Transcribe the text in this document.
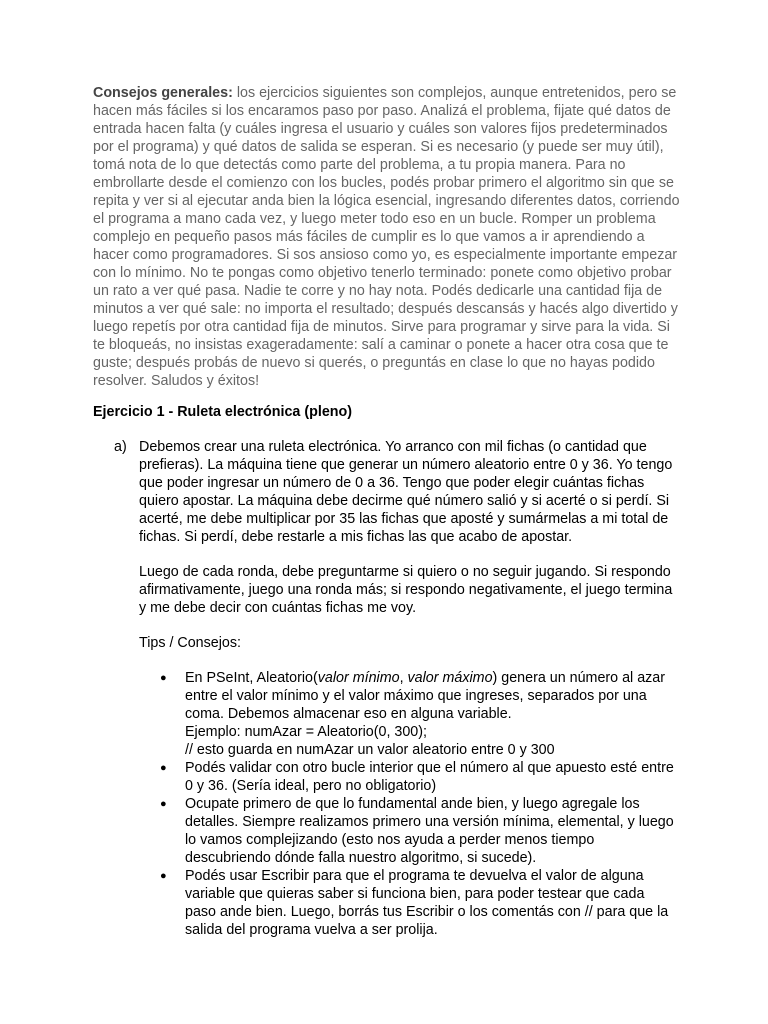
Consejos generales: los ejercicios siguientes son complejos, aunque entretenidos, pero se hacen más fáciles si los encaramos paso por paso. Analizá el problema, fijate qué datos de entrada hacen falta (y cuáles ingresa el usuario y cuáles son valores fijos predeterminados por el programa) y qué datos de salida se esperan. Si es necesario (y puede ser muy útil), tomá nota de lo que detectás como parte del problema, a tu propia manera. Para no embrollarte desde el comienzo con los bucles, podés probar primero el algoritmo sin que se repita y ver si al ejecutar anda bien la lógica esencial, ingresando diferentes datos, corriendo el programa a mano cada vez, y luego meter todo eso en un bucle. Romper un problema complejo en pequeño pasos más fáciles de cumplir es lo que vamos a ir aprendiendo a hacer como programadores. Si sos ansioso como yo, es especialmente importante empezar con lo mínimo. No te pongas como objetivo tenerlo terminado: ponete como objetivo probar un rato a ver qué pasa. Nadie te corre y no hay nota. Podés dedicarle una cantidad fija de minutos a ver qué sale: no importa el resultado; después descansás y hacés algo divertido y luego repetís por otra cantidad fija de minutos. Sirve para programar y sirve para la vida. Si te bloqueás, no insistas exageradamente: salí a caminar o ponete a hacer otra cosa que te guste; después probás de nuevo si querés, o preguntás en clase lo que no hayas podido resolver. Saludos y éxitos!

Ejercicio 1 - Ruleta electrónica (pleno)

a) Debemos crear una ruleta electrónica. Yo arranco con mil fichas (o cantidad que prefieras). La máquina tiene que generar un número aleatorio entre 0 y 36. Yo tengo que poder ingresar un número de 0 a 36. Tengo que poder elegir cuántas fichas quiero apostar. La máquina debe decirme qué número salió y si acerté o si perdí. Si acerté, me debe multiplicar por 35 las fichas que aposté y sumármelas a mi total de fichas. Si perdí, debe restarle a mis fichas las que acabo de apostar.

Luego de cada ronda, debe preguntarme si quiero o no seguir jugando. Si respondo afirmativamente, juego una ronda más; si respondo negativamente, el juego termina y me debe decir con cuántas fichas me voy.

Tips / Consejos:

● En PSeInt, Aleatorio(valor mínimo, valor máximo) genera un número al azar entre el valor mínimo y el valor máximo que ingreses, separados por una coma. Debemos almacenar eso en alguna variable.
Ejemplo: numAzar = Aleatorio(0, 300);
// esto guarda en numAzar un valor aleatorio entre 0 y 300
● Podés validar con otro bucle interior que el número al que apuesto esté entre 0 y 36. (Sería ideal, pero no obligatorio)
● Ocupate primero de que lo fundamental ande bien, y luego agregale los detalles. Siempre realizamos primero una versión mínima, elemental, y luego lo vamos complejizando (esto nos ayuda a perder menos tiempo descubriendo dónde falla nuestro algoritmo, si sucede).
● Podés usar Escribir para que el programa te devuelva el valor de alguna variable que quieras saber si funciona bien, para poder testear que cada paso ande bien. Luego, borrás tus Escribir o los comentás con // para que la salida del programa vuelva a ser prolija.
